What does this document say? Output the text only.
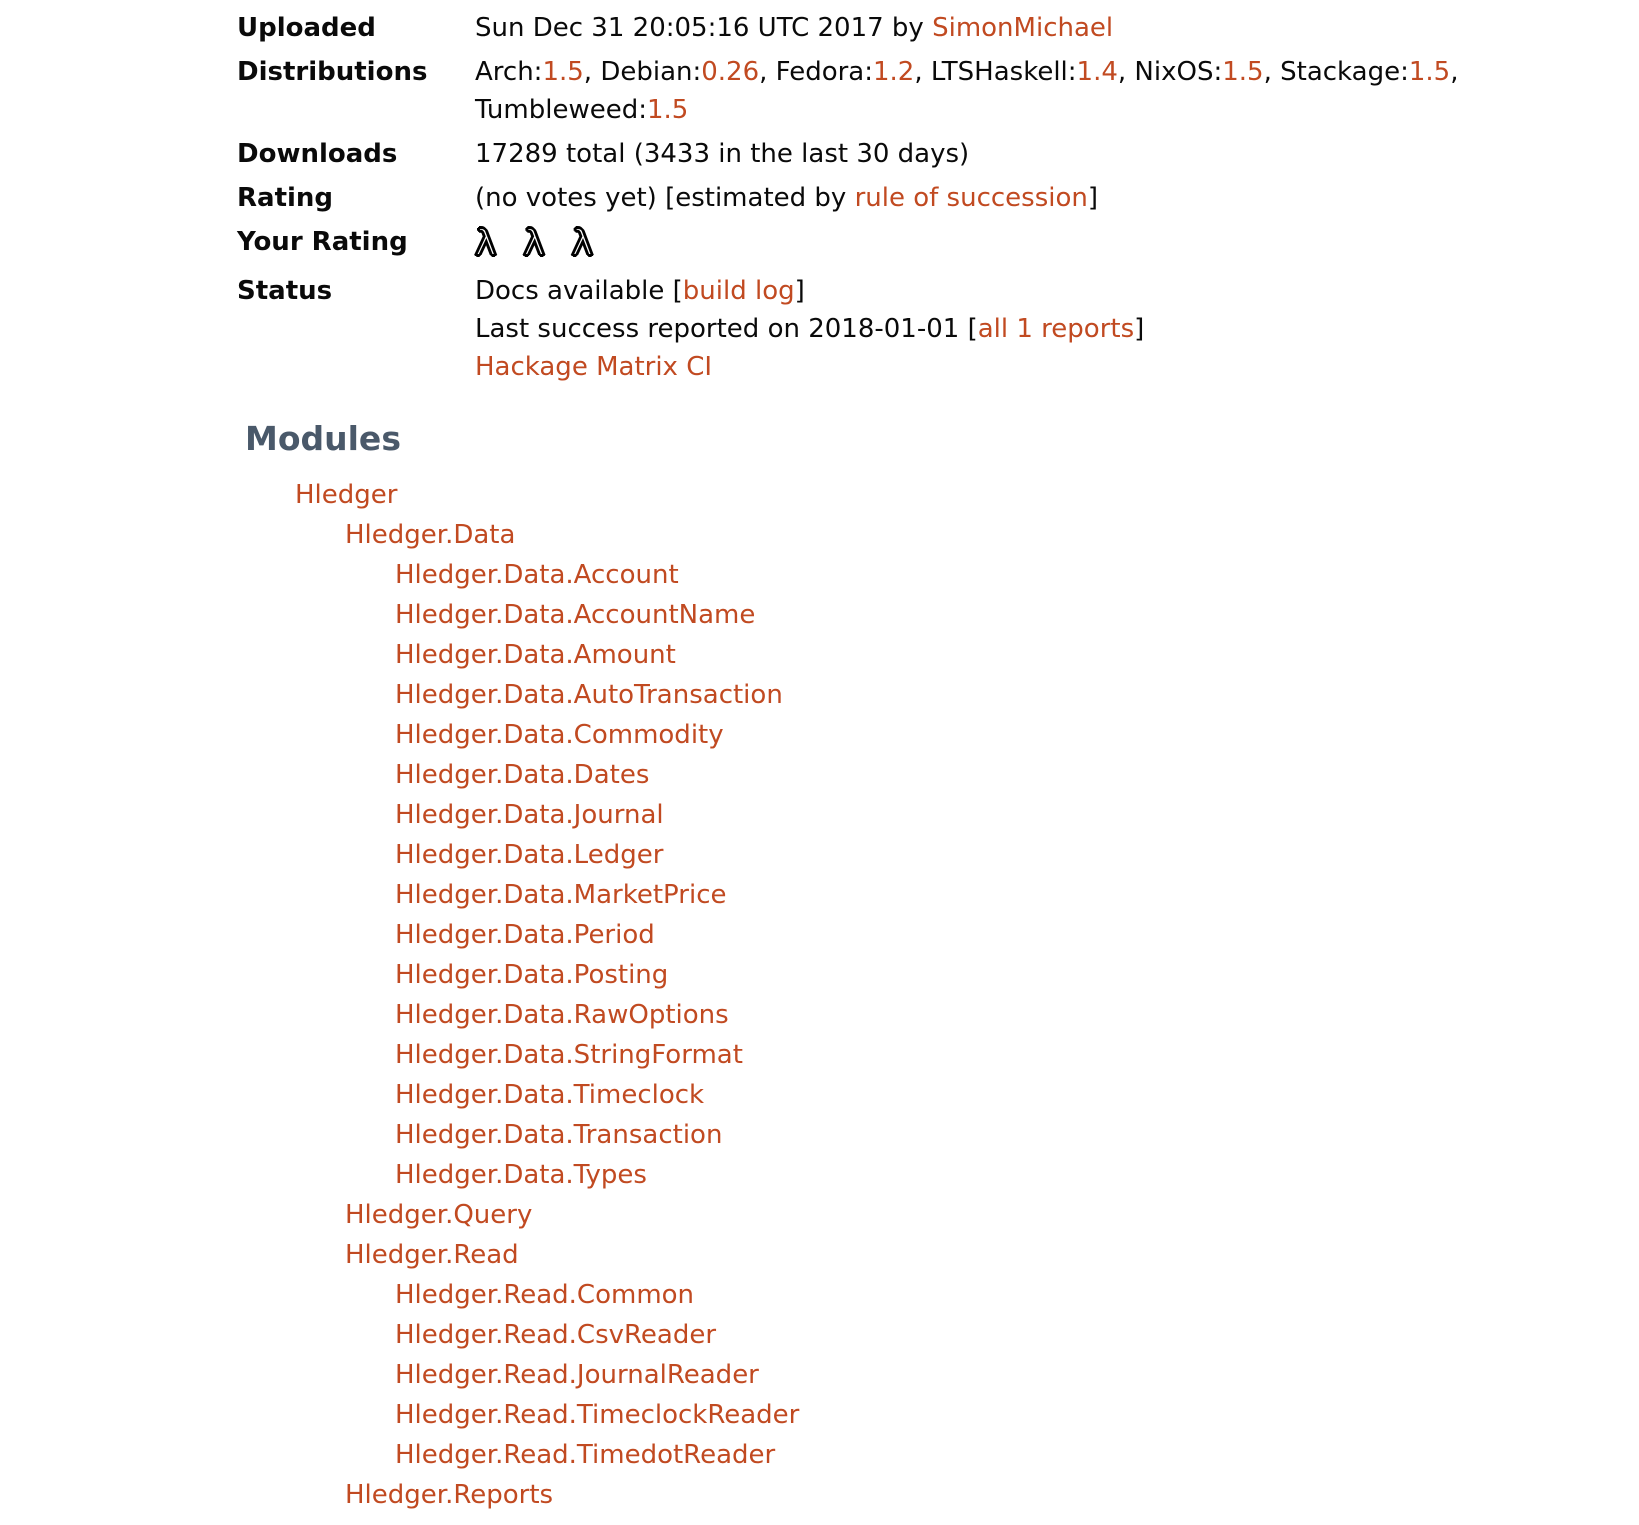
Uploaded	Sun Dec 31 20:05:16 UTC 2017 by SimonMichael
Distributions	Arch:1.5, Debian:0.26, Fedora:1.2, LTSHaskell:1.4, NixOS:1.5, Stackage:1.5,
Tumbleweed:1.5

Downloads	17289 total (3433 in the last 30 days)
Rating	(no votes yet) [estimated by rule of succession]
Your Rating	λ λ λ
Status	Docs available [build log]
Last success reported on 2018-01-01 [all 1 reports]
Hackage Matrix CI
Modules
Hledger
Hledger.Data
Hledger.Data.Account
Hledger.Data.AccountName
Hledger.Data.Amount
Hledger.Data.AutoTransaction
Hledger.Data.Commodity
Hledger.Data.Dates
Hledger.Data.Journal
Hledger.Data.Ledger
Hledger.Data.MarketPrice
Hledger.Data.Period
Hledger.Data.Posting
Hledger.Data.RawOptions
Hledger.Data.StringFormat
Hledger.Data.Timeclock
Hledger.Data.Transaction
Hledger.Data.Types
Hledger.Query
Hledger.Read
Hledger.Read.Common
Hledger.Read.CsvReader
Hledger.Read.JournalReader
Hledger.Read.TimeclockReader
Hledger.Read.TimedotReader
Hledger.Reports
